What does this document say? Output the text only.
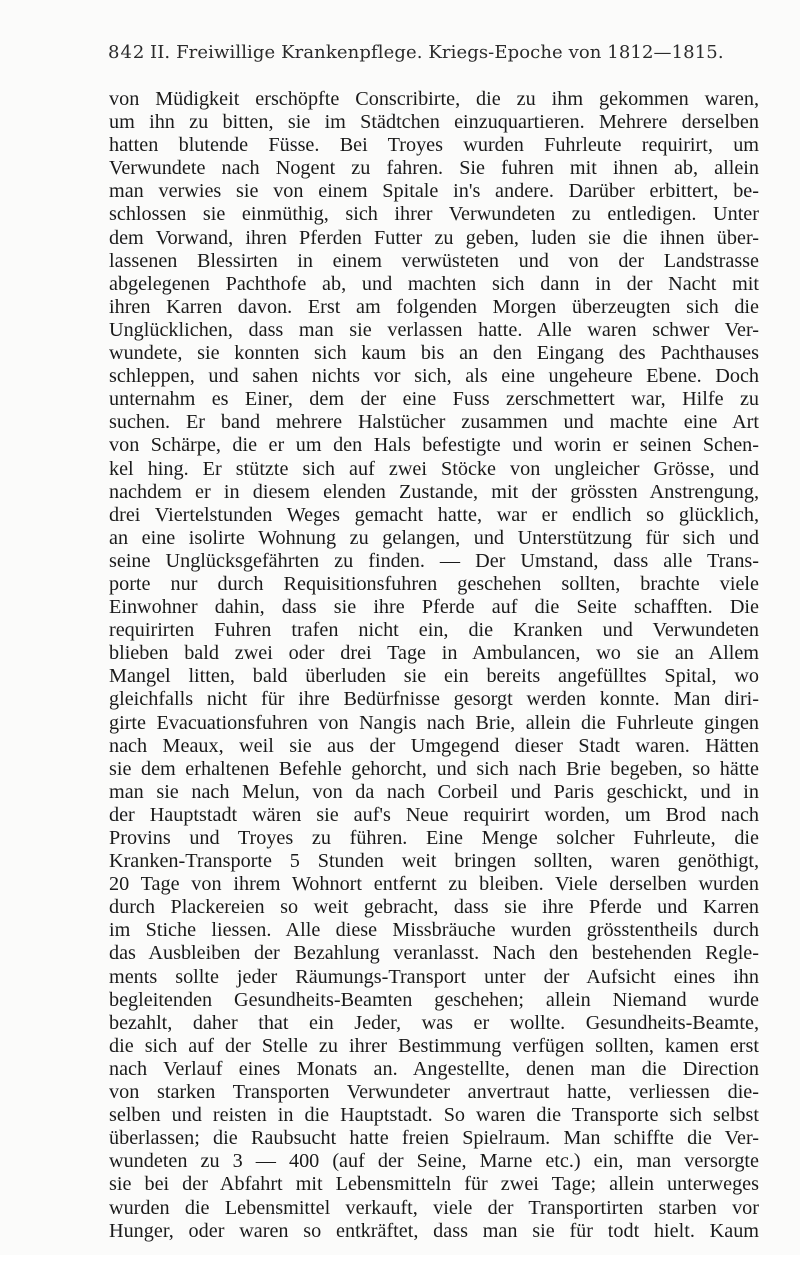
842 II. Freiwillige Krankenpflege. Kriegs-Epoche von 1812—1815.
von Müdigkeit erschöpfte Conscribirte, die zu ihm gekommen waren,
um ihn zu bitten, sie im Städtchen einzuquartieren. Mehrere derselben
hatten blutende Füsse. Bei Troyes wurden Fuhrleute requirirt, um
Verwundete nach Nogent zu fahren. Sie fuhren mit ihnen ab, allein
man verwies sie von einem Spitale in's andere. Darüber erbittert, be-
schlossen sie einmüthig, sich ihrer Verwundeten zu entledigen. Unter
dem Vorwand, ihren Pferden Futter zu geben, luden sie die ihnen über-
lassenen Blessirten in einem verwüsteten und von der Landstrasse
abgelegenen Pachthofe ab, und machten sich dann in der Nacht mit
ihren Karren davon. Erst am folgenden Morgen überzeugten sich die
Unglücklichen, dass man sie verlassen hatte. Alle waren schwer Ver-
wundete, sie konnten sich kaum bis an den Eingang des Pachthauses
schleppen, und sahen nichts vor sich, als eine ungeheure Ebene. Doch
unternahm es Einer, dem der eine Fuss zerschmettert war, Hilfe zu
suchen. Er band mehrere Halstücher zusammen und machte eine Art
von Schärpe, die er um den Hals befestigte und worin er seinen Schen-
kel hing. Er stützte sich auf zwei Stöcke von ungleicher Grösse, und
nachdem er in diesem elenden Zustande, mit der grössten Anstrengung,
drei Viertelstunden Weges gemacht hatte, war er endlich so glücklich,
an eine isolirte Wohnung zu gelangen, und Unterstützung für sich und
seine Unglücksgefährten zu finden. — Der Umstand, dass alle Trans-
porte nur durch Requisitionsfuhren geschehen sollten, brachte viele
Einwohner dahin, dass sie ihre Pferde auf die Seite schafften. Die
requirirten Fuhren trafen nicht ein, die Kranken und Verwundeten
blieben bald zwei oder drei Tage in Ambulancen, wo sie an Allem
Mangel litten, bald überluden sie ein bereits angefülltes Spital, wo
gleichfalls nicht für ihre Bedürfnisse gesorgt werden konnte. Man diri-
girte Evacuationsfuhren von Nangis nach Brie, allein die Fuhrleute gingen
nach Meaux, weil sie aus der Umgegend dieser Stadt waren. Hätten
sie dem erhaltenen Befehle gehorcht, und sich nach Brie begeben, so hätte
man sie nach Melun, von da nach Corbeil und Paris geschickt, und in
der Hauptstadt wären sie auf's Neue requirirt worden, um Brod nach
Provins und Troyes zu führen. Eine Menge solcher Fuhrleute, die
Kranken-Transporte 5 Stunden weit bringen sollten, waren genöthigt,
20 Tage von ihrem Wohnort entfernt zu bleiben. Viele derselben wurden
durch Plackereien so weit gebracht, dass sie ihre Pferde und Karren
im Stiche liessen. Alle diese Missbräuche wurden grösstentheils durch
das Ausbleiben der Bezahlung veranlasst. Nach den bestehenden Regle-
ments sollte jeder Räumungs-Transport unter der Aufsicht eines ihn
begleitenden Gesundheits-Beamten geschehen; allein Niemand wurde
bezahlt, daher that ein Jeder, was er wollte. Gesundheits-Beamte,
die sich auf der Stelle zu ihrer Bestimmung verfügen sollten, kamen erst
nach Verlauf eines Monats an. Angestellte, denen man die Direction
von starken Transporten Verwundeter anvertraut hatte, verliessen die-
selben und reisten in die Hauptstadt. So waren die Transporte sich selbst
überlassen; die Raubsucht hatte freien Spielraum. Man schiffte die Ver-
wundeten zu 3 — 400 (auf der Seine, Marne etc.) ein, man versorgte
sie bei der Abfahrt mit Lebensmitteln für zwei Tage; allein unterweges
wurden die Lebensmittel verkauft, viele der Transportirten starben vor
Hunger, oder waren so entkräftet, dass man sie für todt hielt. Kaum
